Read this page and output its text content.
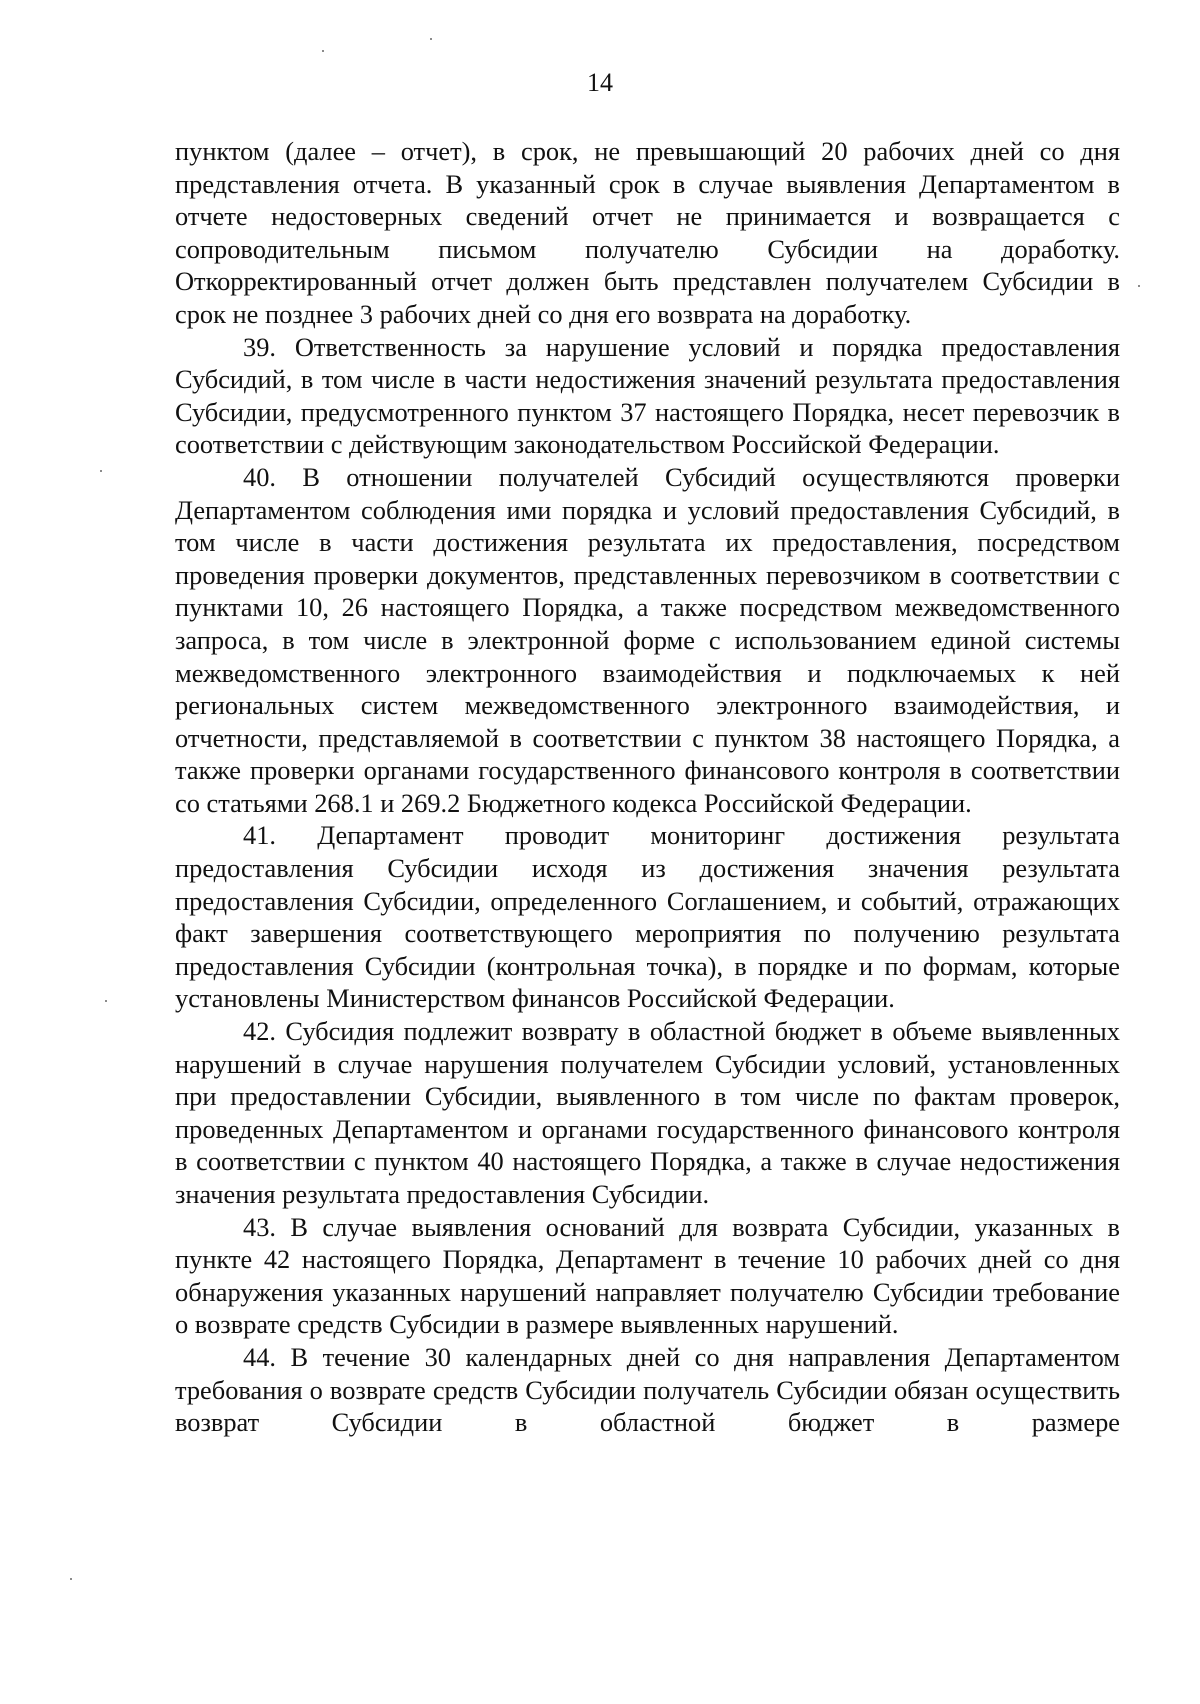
14

пунктом (далее – отчет), в срок, не превышающий 20 рабочих дней со дня представления отчета. В указанный срок в случае выявления Департаментом в отчете недостоверных сведений отчет не принимается и возвращается с сопроводительным письмом получателю Субсидии на доработку. Откорректированный отчет должен быть представлен получателем Субсидии в срок не позднее 3 рабочих дней со дня его возврата на доработку.

39. Ответственность за нарушение условий и порядка предоставления Субсидий, в том числе в части недостижения значений результата предоставления Субсидии, предусмотренного пунктом 37 настоящего Порядка, несет перевозчик в соответствии с действующим законодательством Российской Федерации.

40. В отношении получателей Субсидий осуществляются проверки Департаментом соблюдения ими порядка и условий предоставления Субсидий, в том числе в части достижения результата их предоставления, посредством проведения проверки документов, представленных перевозчиком в соответствии с пунктами 10, 26 настоящего Порядка, а также посредством межведомственного запроса, в том числе в электронной форме с использованием единой системы межведомственного электронного взаимодействия и подключаемых к ней региональных систем межведомственного электронного взаимодействия, и отчетности, представляемой в соответствии с пунктом 38 настоящего Порядка, а также проверки органами государственного финансового контроля в соответствии со статьями 268.1 и 269.2 Бюджетного кодекса Российской Федерации.

41. Департамент проводит мониторинг достижения результата предоставления Субсидии исходя из достижения значения результата предоставления Субсидии, определенного Соглашением, и событий, отражающих факт завершения соответствующего мероприятия по получению результата предоставления Субсидии (контрольная точка), в порядке и по формам, которые установлены Министерством финансов Российской Федерации.

42. Субсидия подлежит возврату в областной бюджет в объеме выявленных нарушений в случае нарушения получателем Субсидии условий, установленных при предоставлении Субсидии, выявленного в том числе по фактам проверок, проведенных Департаментом и органами государственного финансового контроля в соответствии с пунктом 40 настоящего Порядка, а также в случае недостижения значения результата предоставления Субсидии.

43. В случае выявления оснований для возврата Субсидии, указанных в пункте 42 настоящего Порядка, Департамент в течение 10 рабочих дней со дня обнаружения указанных нарушений направляет получателю Субсидии требование о возврате средств Субсидии в размере выявленных нарушений.

44. В течение 30 календарных дней со дня направления Департаментом требования о возврате средств Субсидии получатель Субсидии обязан осуществить возврат Субсидии в областной бюджет в размере
